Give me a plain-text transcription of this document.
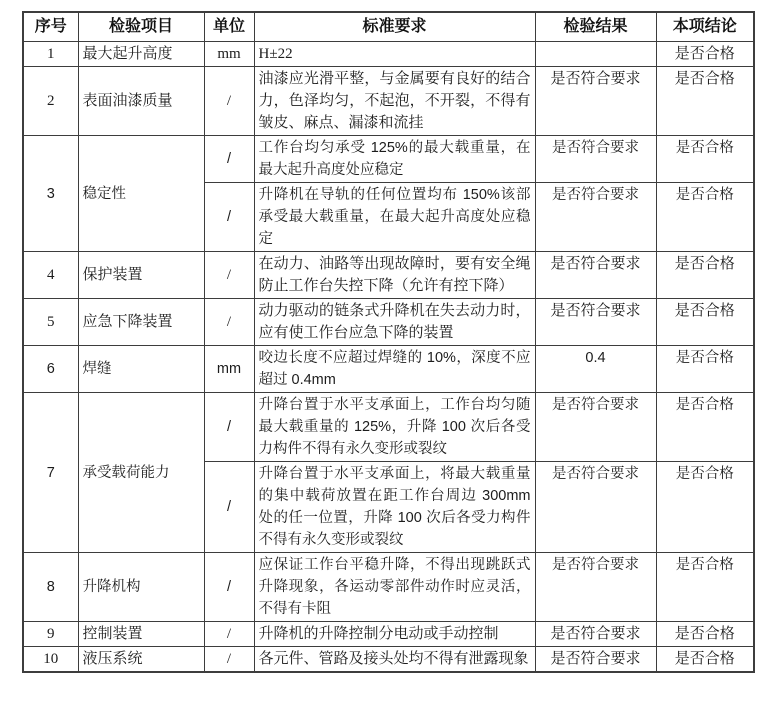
序号	检验项目	单位	标准要求	检验结果	本项结论
1	最大起升高度	mm	H±22		是否合格
2	表面油漆质量	/	油漆应光滑平整，与金属要有良好的结合力，色泽均匀，不起泡，不开裂，不得有皱皮、麻点、漏漆和流挂	是否符合要求	是否合格
3	稳定性	/	工作台均匀承受 125%的最大载重量，在最大起升高度处应稳定	是否符合要求	是否合格
		/	升降机在导轨的任何位置均布 150%该部承受最大载重量，在最大起升高度处应稳定	是否符合要求	是否合格
4	保护装置	/	在动力、油路等出现故障时，要有安全绳防止工作台失控下降（允许有控下降）	是否符合要求	是否合格
5	应急下降装置	/	动力驱动的链条式升降机在失去动力时，应有使工作台应急下降的装置	是否符合要求	是否合格
6	焊缝	mm	咬边长度不应超过焊缝的 10%，深度不应超过 0.4mm	0.4	是否合格
7	承受载荷能力	/	升降台置于水平支承面上，工作台均匀随最大载重量的 125%，升降 100 次后各受力构件不得有永久变形或裂纹	是否符合要求	是否合格
		/	升降台置于水平支承面上，将最大载重量的集中载荷放置在距工作台周边 300mm 处的任一位置，升降 100 次后各受力构件不得有永久变形或裂纹	是否符合要求	是否合格
8	升降机构	/	应保证工作台平稳升降，不得出现跳跃式升降现象，各运动零部件动作时应灵活，不得有卡阻	是否符合要求	是否合格
9	控制装置	/	升降机的升降控制分电动或手动控制	是否符合要求	是否合格
10	液压系统	/	各元件、管路及接头处均不得有泄露现象	是否符合要求	是否合格
